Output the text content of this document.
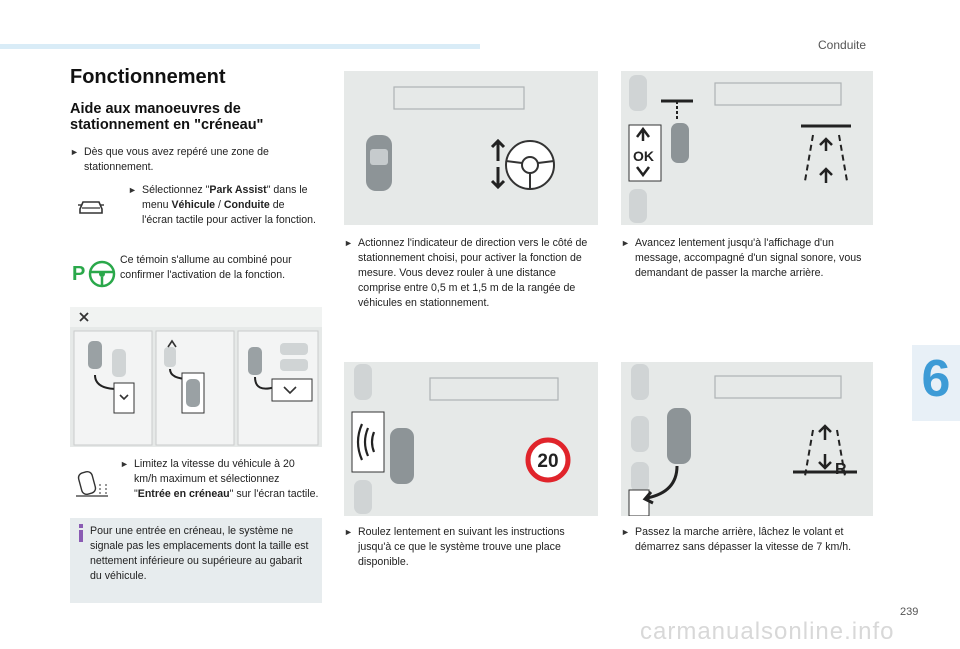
Conduite
Fonctionnement
Aide aux manoeuvres de stationnement en "créneau"
► Dès que vous avez repéré une zone de stationnement.
► Sélectionnez "Park Assist" dans le menu Véhicule / Conduite de l'écran tactile pour activer la fonction.
P
Ce témoin s'allume au combiné pour confirmer l'activation de la fonction.
► Limitez la vitesse du véhicule à 20 km/h maximum et sélectionnez "Entrée en créneau" sur l'écran tactile.
Pour une entrée en créneau, le système ne signale pas les emplacements dont la taille est nettement inférieure ou supérieure au gabarit du véhicule.
► Actionnez l'indicateur de direction vers le côté de stationnement choisi, pour activer la fonction de mesure. Vous devez rouler à une distance comprise entre 0,5 m et 1,5 m de la rangée de véhicules en stationnement.
OK
► Avancez lentement jusqu'à l'affichage d'un message, accompagné d'un signal sonore, vous demandant de passer la marche arrière.
20
► Roulez lentement en suivant les instructions jusqu'à ce que le système trouve une place disponible.
R
► Passez la marche arrière, lâchez le volant et démarrez sans dépasser la vitesse de 7 km/h.
6
239
carmanualsonline.info
